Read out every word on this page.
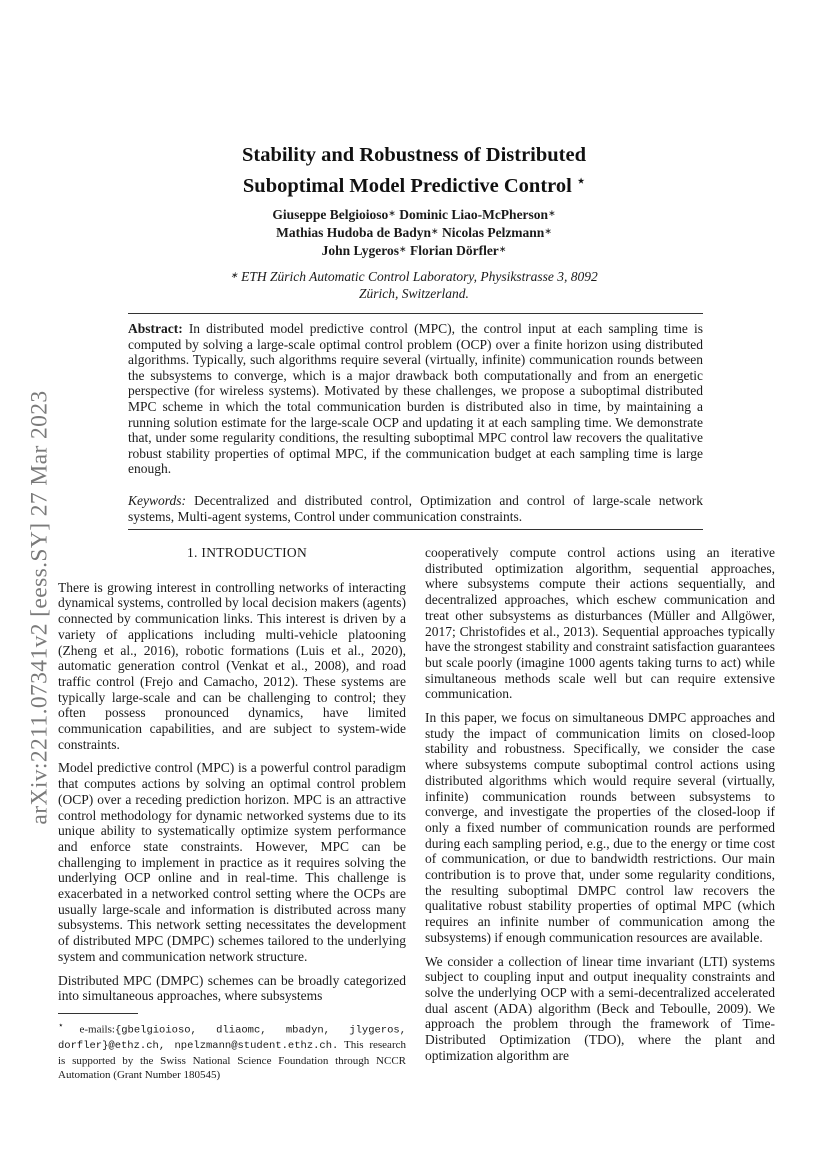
arXiv:2211.07341v2 [eess.SY] 27 Mar 2023
Stability and Robustness of Distributed
Suboptimal Model Predictive Control ⋆
Giuseppe Belgioioso∗ Dominic Liao-McPherson∗
Mathias Hudoba de Badyn∗ Nicolas Pelzmann∗
John Lygeros∗ Florian Dörfler∗
∗ ETH Zürich Automatic Control Laboratory, Physikstrasse 3, 8092
Zürich, Switzerland.

Abstract: In distributed model predictive control (MPC), the control input at each sampling time is computed by solving a large-scale optimal control problem (OCP) over a finite horizon using distributed algorithms. Typically, such algorithms require several (virtually, infinite) communication rounds between the subsystems to converge, which is a major drawback both computationally and from an energetic perspective (for wireless systems). Motivated by these challenges, we propose a suboptimal distributed MPC scheme in which the total communication burden is distributed also in time, by maintaining a running solution estimate for the large-scale OCP and updating it at each sampling time. We demonstrate that, under some regularity conditions, the resulting suboptimal MPC control law recovers the qualitative robust stability properties of optimal MPC, if the communication budget at each sampling time is large enough.

Keywords: Decentralized and distributed control, Optimization and control of large-scale network systems, Multi-agent systems, Control under communication constraints.

1. INTRODUCTION

There is growing interest in controlling networks of interacting dynamical systems, controlled by local decision makers (agents) connected by communication links. This interest is driven by a variety of applications including multi-vehicle platooning (Zheng et al., 2016), robotic formations (Luis et al., 2020), automatic generation control (Venkat et al., 2008), and road traffic control (Frejo and Camacho, 2012). These systems are typically large-scale and can be challenging to control; they often possess pronounced dynamics, have limited communication capabilities, and are subject to system-wide constraints.

Model predictive control (MPC) is a powerful control paradigm that computes actions by solving an optimal control problem (OCP) over a receding prediction horizon. MPC is an attractive control methodology for dynamic networked systems due to its unique ability to systematically optimize system performance and enforce state constraints. However, MPC can be challenging to implement in practice as it requires solving the underlying OCP online and in real-time. This challenge is exacerbated in a networked control setting where the OCPs are usually large-scale and information is distributed across many subsystems. This network setting necessitates the development of distributed MPC (DMPC) schemes tailored to the underlying system and communication network structure.

Distributed MPC (DMPC) schemes can be broadly categorized into simultaneous approaches, where subsystems

cooperatively compute control actions using an iterative distributed optimization algorithm, sequential approaches, where subsystems compute their actions sequentially, and decentralized approaches, which eschew communication and treat other subsystems as disturbances (Müller and Allgöwer, 2017; Christofides et al., 2013). Sequential approaches typically have the strongest stability and constraint satisfaction guarantees but scale poorly (imagine 1000 agents taking turns to act) while simultaneous methods scale well but can require extensive communication.

In this paper, we focus on simultaneous DMPC approaches and study the impact of communication limits on closed-loop stability and robustness. Specifically, we consider the case where subsystems compute suboptimal control actions using distributed algorithms which would require several (virtually, infinite) communication rounds between subsystems to converge, and investigate the properties of the closed-loop if only a fixed number of communication rounds are performed during each sampling period, e.g., due to the energy or time cost of communication, or due to bandwidth restrictions. Our main contribution is to prove that, under some regularity conditions, the resulting suboptimal DMPC control law recovers the qualitative robust stability properties of optimal MPC (which requires an infinite number of communication among the subsystems) if enough communication resources are available.

We consider a collection of linear time invariant (LTI) systems subject to coupling input and output inequality constraints and solve the underlying OCP with a semi-decentralized accelerated dual ascent (ADA) algorithm (Beck and Teboulle, 2009). We approach the problem through the framework of Time-Distributed Optimization (TDO), where the plant and optimization algorithm are

⋆ e-mails:{gbelgioioso, dliaomc, mbadyn, jlygeros, dorfler}@ethz.ch, npelzmann@student.ethz.ch. This research is supported by the Swiss National Science Foundation through NCCR Automation (Grant Number 180545)
